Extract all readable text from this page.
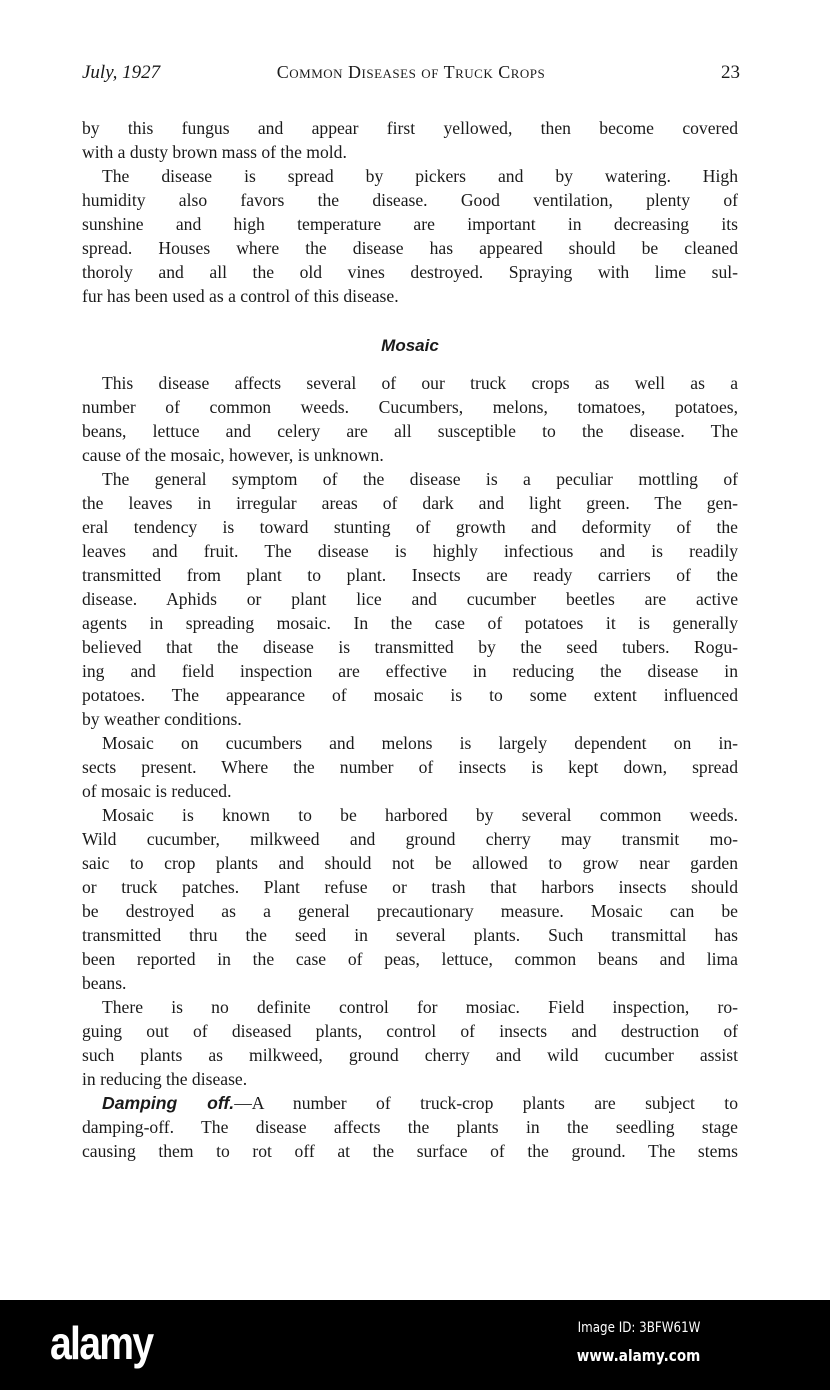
July, 1927	Common Diseases of Truck Crops	23
by this fungus and appear first yellowed, then become covered
with a dusty brown mass of the mold.
The disease is spread by pickers and by watering. High
humidity also favors the disease. Good ventilation, plenty of
sunshine and high temperature are important in decreasing its
spread. Houses where the disease has appeared should be cleaned
thoroly and all the old vines destroyed. Spraying with lime sul-
fur has been used as a control of this disease.
Mosaic
This disease affects several of our truck crops as well as a
number of common weeds. Cucumbers, melons, tomatoes, potatoes,
beans, lettuce and celery are all susceptible to the disease. The
cause of the mosaic, however, is unknown.
The general symptom of the disease is a peculiar mottling of
the leaves in irregular areas of dark and light green. The gen-
eral tendency is toward stunting of growth and deformity of the
leaves and fruit. The disease is highly infectious and is readily
transmitted from plant to plant. Insects are ready carriers of the
disease. Aphids or plant lice and cucumber beetles are active
agents in spreading mosaic. In the case of potatoes it is generally
believed that the disease is transmitted by the seed tubers. Rogu-
ing and field inspection are effective in reducing the disease in
potatoes. The appearance of mosaic is to some extent influenced
by weather conditions.
Mosaic on cucumbers and melons is largely dependent on in-
sects present. Where the number of insects is kept down, spread
of mosaic is reduced.
Mosaic is known to be harbored by several common weeds.
Wild cucumber, milkweed and ground cherry may transmit mo-
saic to crop plants and should not be allowed to grow near garden
or truck patches. Plant refuse or trash that harbors insects should
be destroyed as a general precautionary measure. Mosaic can be
transmitted thru the seed in several plants. Such transmittal has
been reported in the case of peas, lettuce, common beans and lima
beans.
There is no definite control for mosiac. Field inspection, ro-
guing out of diseased plants, control of insects and destruction of
such plants as milkweed, ground cherry and wild cucumber assist
in reducing the disease.
Damping off.—A number of truck-crop plants are subject to
damping-off. The disease affects the plants in the seedling stage
causing them to rot off at the surface of the ground. The stems
alamy	Image ID: 3BFW61W
www.alamy.com
